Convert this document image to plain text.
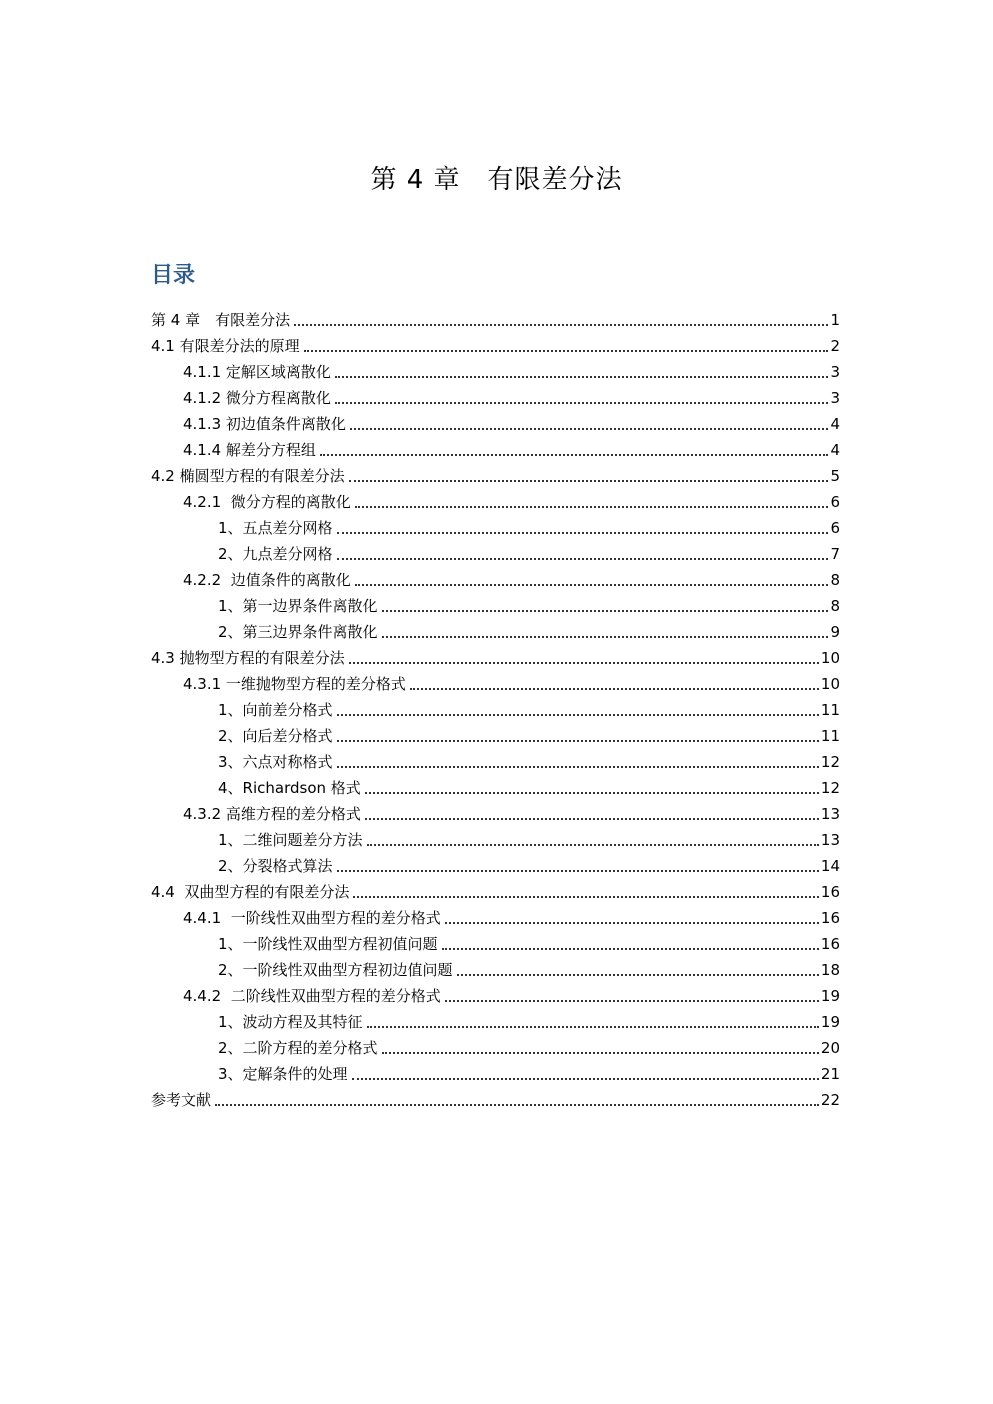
第 4 章　有限差分法
目录
第 4 章　有限差分法	1
4.1 有限差分法的原理	2
4.1.1 定解区域离散化	3
4.1.2 微分方程离散化	3
4.1.3 初边值条件离散化	4
4.1.4 解差分方程组	4
4.2 椭圆型方程的有限差分法	5
4.2.1  微分方程的离散化	6
1、五点差分网格	6
2、九点差分网格	7
4.2.2  边值条件的离散化	8
1、第一边界条件离散化	8
2、第三边界条件离散化	9
4.3 抛物型方程的有限差分法	10
4.3.1 一维抛物型方程的差分格式	10
1、向前差分格式	11
2、向后差分格式	11
3、六点对称格式	12
4、Richardson 格式	12
4.3.2 高维方程的差分格式	13
1、二维问题差分方法	13
2、分裂格式算法	14
4.4  双曲型方程的有限差分法	16
4.4.1  一阶线性双曲型方程的差分格式	16
1、一阶线性双曲型方程初值问题	16
2、一阶线性双曲型方程初边值问题	18
4.4.2  二阶线性双曲型方程的差分格式	19
1、波动方程及其特征	19
2、二阶方程的差分格式	20
3、定解条件的处理	21
参考文献	22
